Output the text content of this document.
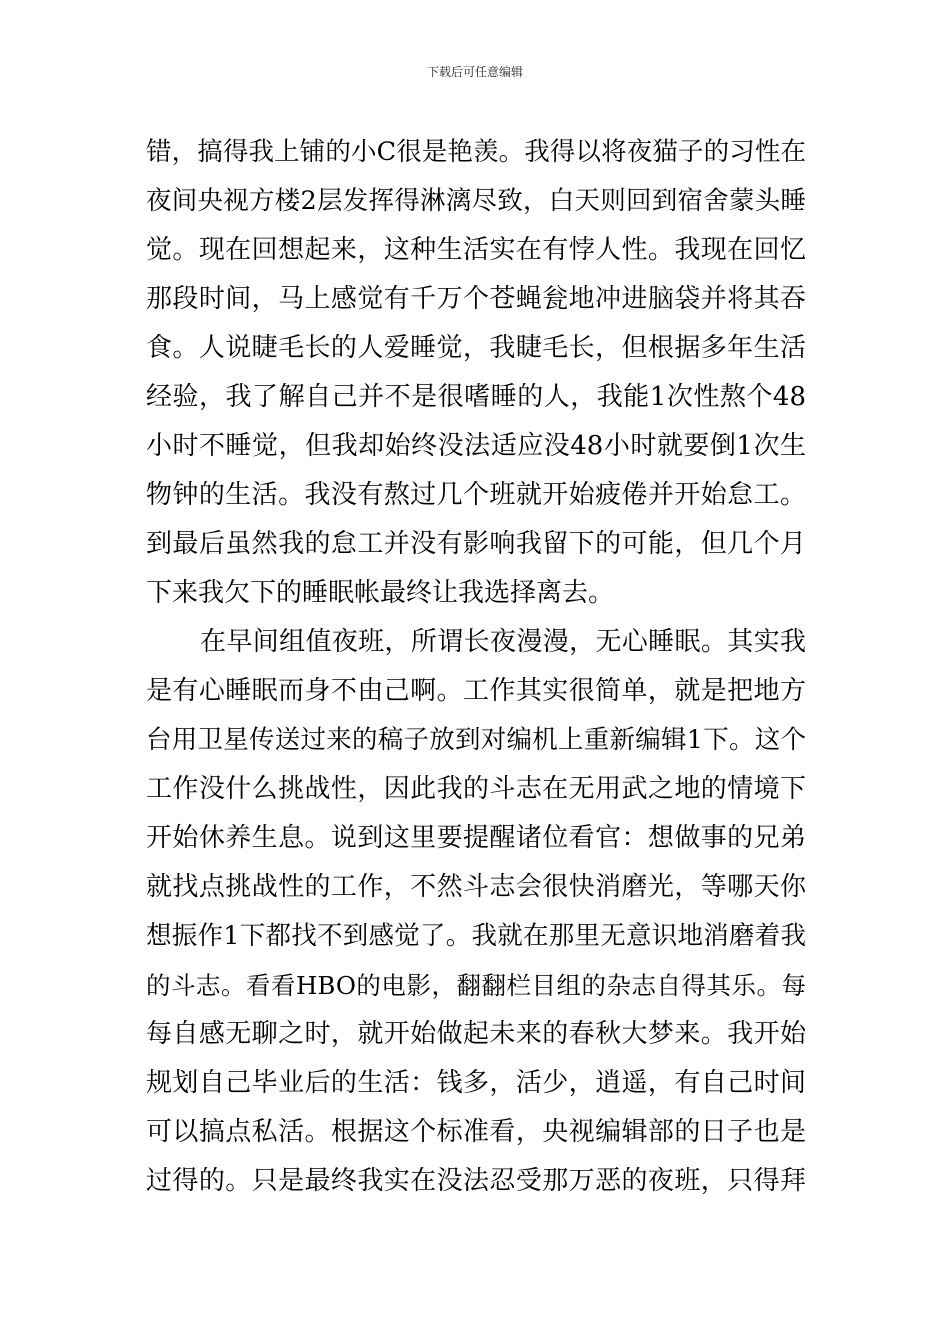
下载后可任意编辑
错，搞得我上铺的小C很是艳羡。我得以将夜猫子的习性在
夜间央视方楼2层发挥得淋漓尽致，白天则回到宿舍蒙头睡
觉。现在回想起来，这种生活实在有悖人性。我现在回忆
那段时间，马上感觉有千万个苍蝇瓮地冲进脑袋并将其吞
食。人说睫毛长的人爱睡觉，我睫毛长，但根据多年生活
经验，我了解自己并不是很嗜睡的人，我能1次性熬个48
小时不睡觉，但我却始终没法适应没48小时就要倒1次生
物钟的生活。我没有熬过几个班就开始疲倦并开始怠工。
到最后虽然我的怠工并没有影响我留下的可能，但几个月
下来我欠下的睡眠帐最终让我选择离去。
在早间组值夜班，所谓长夜漫漫，无心睡眠。其实我
是有心睡眠而身不由己啊。工作其实很简单，就是把地方
台用卫星传送过来的稿子放到对编机上重新编辑1下。这个
工作没什么挑战性，因此我的斗志在无用武之地的情境下
开始休养生息。说到这里要提醒诸位看官：想做事的兄弟
就找点挑战性的工作，不然斗志会很快消磨光，等哪天你
想振作1下都找不到感觉了。我就在那里无意识地消磨着我
的斗志。看看HBO的电影，翻翻栏目组的杂志自得其乐。每
每自感无聊之时，就开始做起未来的春秋大梦来。我开始
规划自己毕业后的生活：钱多，活少，逍遥，有自己时间
可以搞点私活。根据这个标准看，央视编辑部的日子也是
过得的。只是最终我实在没法忍受那万恶的夜班，只得拜
